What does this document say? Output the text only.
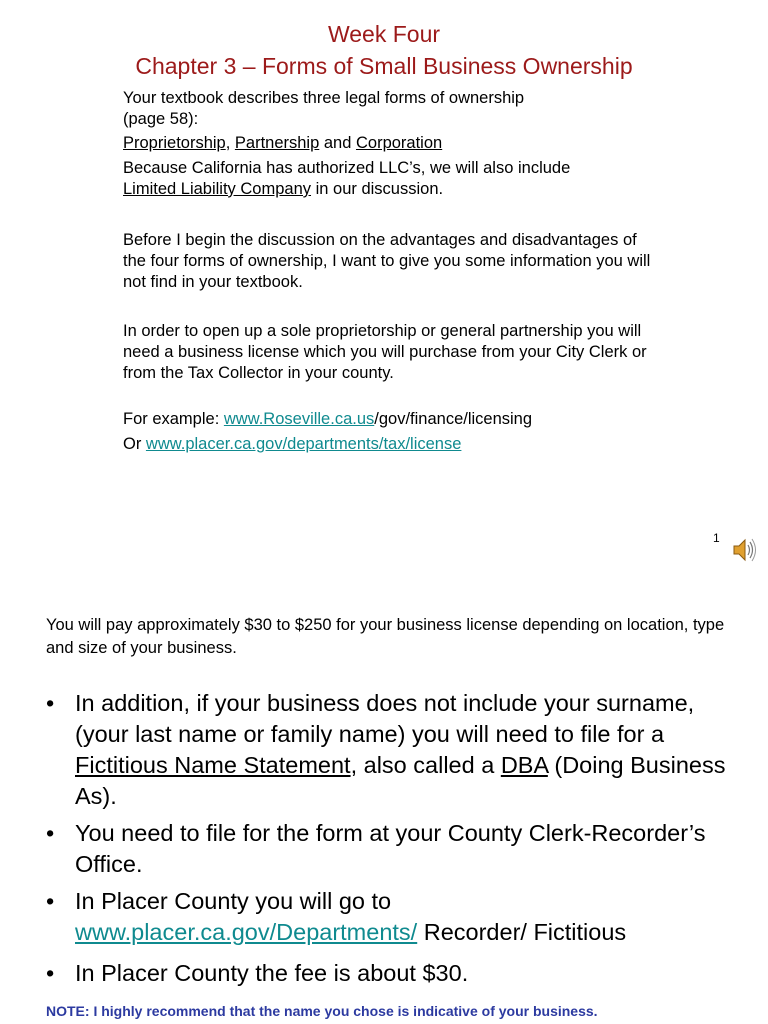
Week Four
Chapter 3 – Forms of Small Business Ownership
Your textbook describes three legal forms of ownership
(page 58):
Proprietorship, Partnership and Corporation
Because California has authorized LLC’s, we will also include
Limited Liability Company in our discussion.
Before I begin the discussion on the advantages and disadvantages of the four forms of ownership, I want to give you some information you will not find in your textbook.
In order to open up a sole proprietorship or general partnership you will need a business license which you will purchase from your City Clerk or from the Tax Collector in your county.
For example: www.Roseville.ca.us/gov/finance/licensing
Or www.placer.ca.gov/departments/tax/license
1
You will pay approximately $30 to $250 for your business license depending on location, type and size of your business.
• In addition, if your business does not include your surname, (your last name or family name) you will need to file for a Fictitious Name Statement, also called a DBA (Doing Business As).
• You need to file for the form at your County Clerk-Recorder’s Office.
• In Placer County you will go to
www.placer.ca.gov/Departments/ Recorder/ Fictitious
• In Placer County the fee is about $30.
NOTE: I highly recommend that the name you chose is indicative of your business.
